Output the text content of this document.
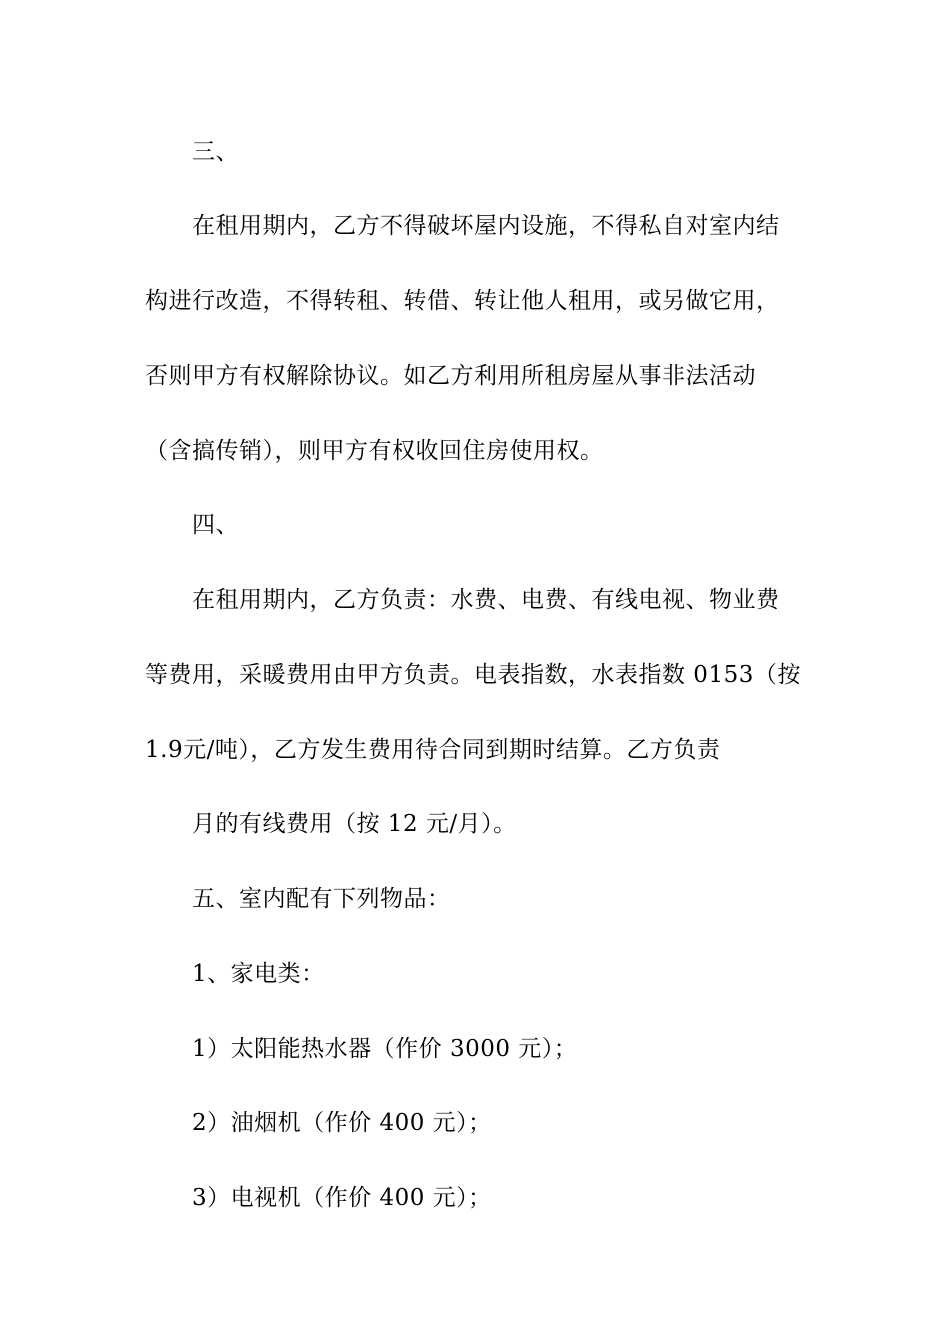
三、
在租用期内，乙方不得破坏屋内设施，不得私自对室内结
构进行改造，不得转租、转借、转让他人租用，或另做它用，
否则甲方有权解除协议。如乙方利用所租房屋从事非法活动
（含搞传销），则甲方有权收回住房使用权。
四、
在租用期内，乙方负责：水费、电费、有线电视、物业费
等费用，采暖费用由甲方负责。电表指数，水表指数 0153（按
1.9元/吨），乙方发生费用待合同到期时结算。乙方负责
月的有线费用（按 12 元/月）。
五、室内配有下列物品：
1、家电类：
1）太阳能热水器（作价 3000 元）；
2）油烟机（作价 400 元）；
3）电视机（作价 400 元）；
